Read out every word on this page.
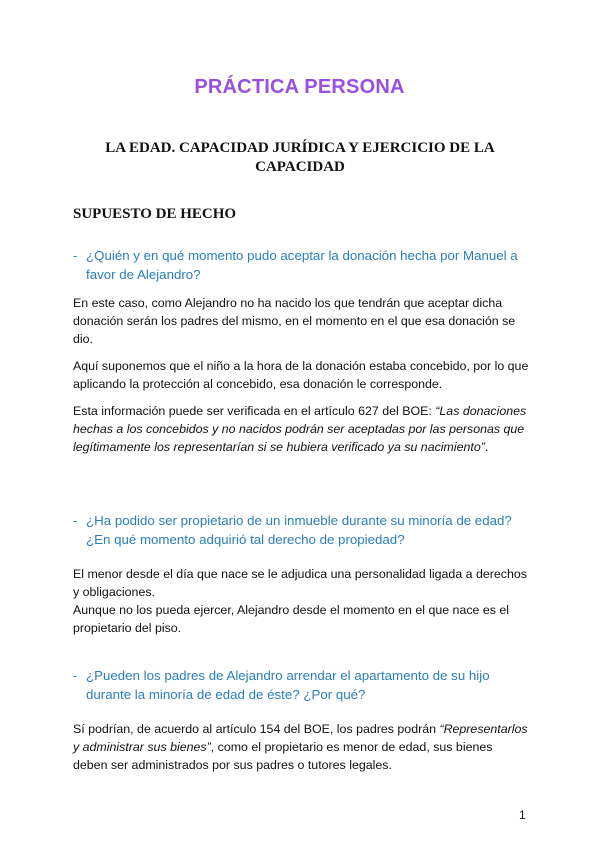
PRÁCTICA PERSONA
LA EDAD. CAPACIDAD JURÍDICA Y EJERCICIO DE LA CAPACIDAD
SUPUESTO DE HECHO
- ¿Quién y en qué momento pudo aceptar la donación hecha por Manuel a favor de Alejandro?
En este caso, como Alejandro no ha nacido los que tendrán que aceptar dicha donación serán los padres del mismo, en el momento en el que esa donación se dio.
Aquí suponemos que el niño a la hora de la donación estaba concebido, por lo que aplicando la protección al concebido, esa donación le corresponde.
Esta información puede ser verificada en el artículo 627 del BOE: “Las donaciones hechas a los concebidos y no nacidos podrán ser aceptadas por las personas que legítimamente los representarían si se hubiera verificado ya su nacimiento”.
- ¿Ha podido ser propietario de un inmueble durante su minoría de edad? ¿En qué momento adquirió tal derecho de propiedad?
El menor desde el día que nace se le adjudica una personalidad ligada a derechos y obligaciones.
Aunque no los pueda ejercer, Alejandro desde el momento en el que nace es el propietario del piso.
- ¿Pueden los padres de Alejandro arrendar el apartamento de su hijo durante la minoría de edad de éste? ¿Por qué?
Sí podrían, de acuerdo al artículo 154 del BOE, los padres podrán “Representarlos y administrar sus bienes”, como el propietario es menor de edad, sus bienes deben ser administrados por sus padres o tutores legales.
1
